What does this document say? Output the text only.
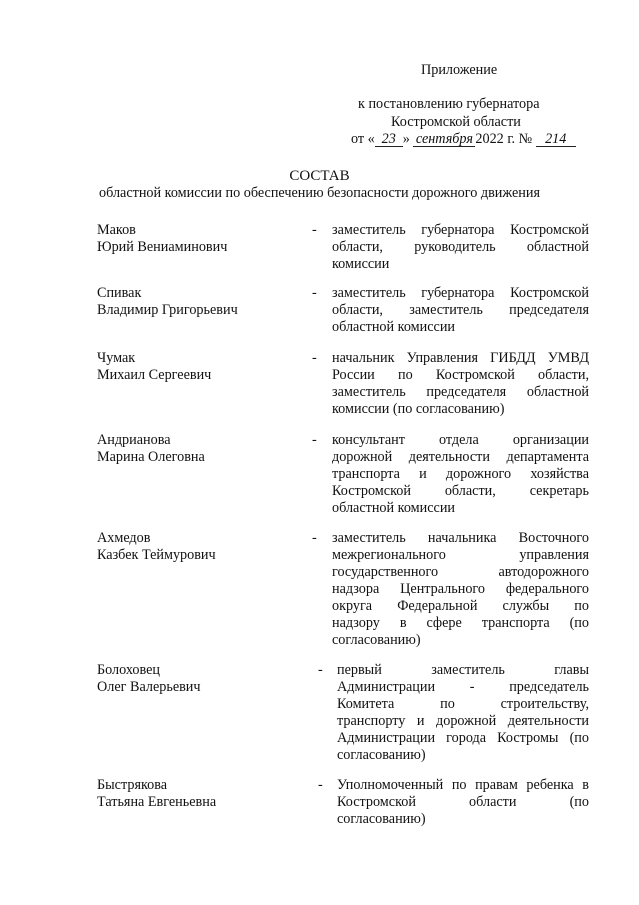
Приложение
к постановлению губернатора
Костромской области
от « 23 » сентября 2022 г. № 214
СОСТАВ
областной комиссии по обеспечению безопасности дорожного движения
Маков
Юрий Вениаминович
- заместитель губернатора Костромской
области, руководитель областной
комиссии
Спивак
Владимир Григорьевич
- заместитель губернатора Костромской
области, заместитель председателя
областной комиссии
Чумак
Михаил Сергеевич
- начальник Управления ГИБДД УМВД
России по Костромской области,
заместитель председателя областной
комиссии (по согласованию)
Андрианова
Марина Олеговна
- консультант отдела организации
дорожной деятельности департамента
транспорта и дорожного хозяйства
Костромской области, секретарь
областной комиссии
Ахмедов
Казбек Теймурович
- заместитель начальника Восточного
межрегионального управления
государственного автодорожного
надзора Центрального федерального
округа Федеральной службы по
надзору в сфере транспорта (по
согласованию)
Болоховец
Олег Валерьевич
- первый заместитель главы
Администрации - председатель
Комитета по строительству,
транспорту и дорожной деятельности
Администрации города Костромы (по
согласованию)
Быстрякова
Татьяна Евгеньевна
- Уполномоченный по правам ребенка в
Костромской области (по
согласованию)
